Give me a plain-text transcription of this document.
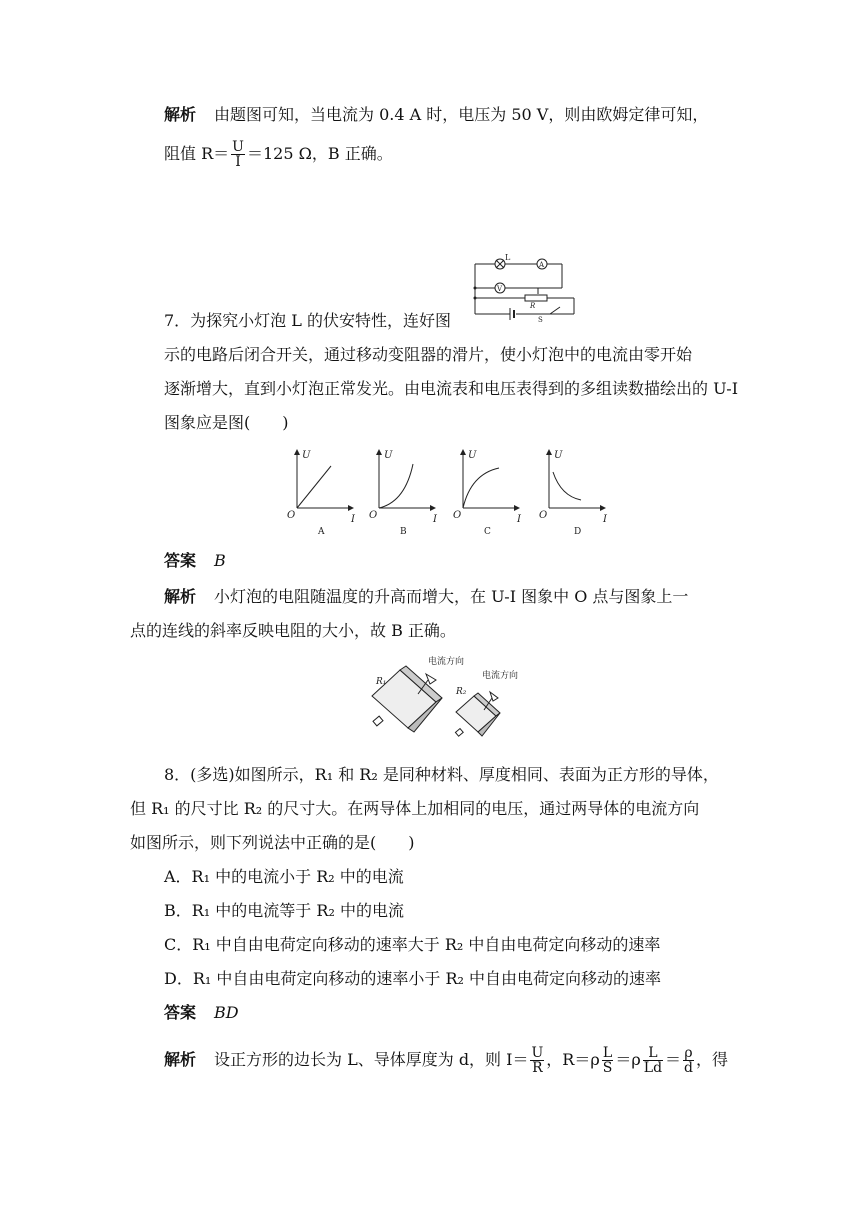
解析 由题图可知，当电流为 0.4 A 时，电压为 50 V，则由欧姆定律可知，
阻值 $R= \frac{U}{I} =125$ Ω，B 正确。
L
A
V
R
S
7．为探究小灯泡 L 的伏安特性，连好图
示的电路后闭合开关，通过移动变阻器的滑片，使小灯泡中的电流由零开始
逐渐增大，直到小灯泡正常发光。由电流表和电压表得到的多组读数描绘出的 U-I
图象应是图(　　)
U
I
O
U
I
O
U
I
O
U
I
O
A	B	C	D
答案 B
解析 小灯泡的电阻随温度的升高而增大，在 U-I 图象中 O 点与图象上一
点的连线的斜率反映电阻的大小，故 B 正确。
R₁
R₂
电流方向
电流方向
8．(多选)如图所示，R₁ 和 R₂ 是同种材料、厚度相同、表面为正方形的导体，
但 R₁ 的尺寸比 R₂ 的尺寸大。在两导体上加相同的电压，通过两导体的电流方向
如图所示，则下列说法中正确的是(　　)
A．R₁ 中的电流小于 R₂ 中的电流
B．R₁ 中的电流等于 R₂ 中的电流
C．R₁ 中自由电荷定向移动的速率大于 R₂ 中自由电荷定向移动的速率
D．R₁ 中自由电荷定向移动的速率小于 R₂ 中自由电荷定向移动的速率
答案 BD
解析 设正方形的边长为 L、导体厚度为 d，则 $I= \frac{U}{R}$ ，$R=\rho \frac{L}{S} =\rho \frac{L}{Ld} = \frac{\rho}{d}$ ，得
